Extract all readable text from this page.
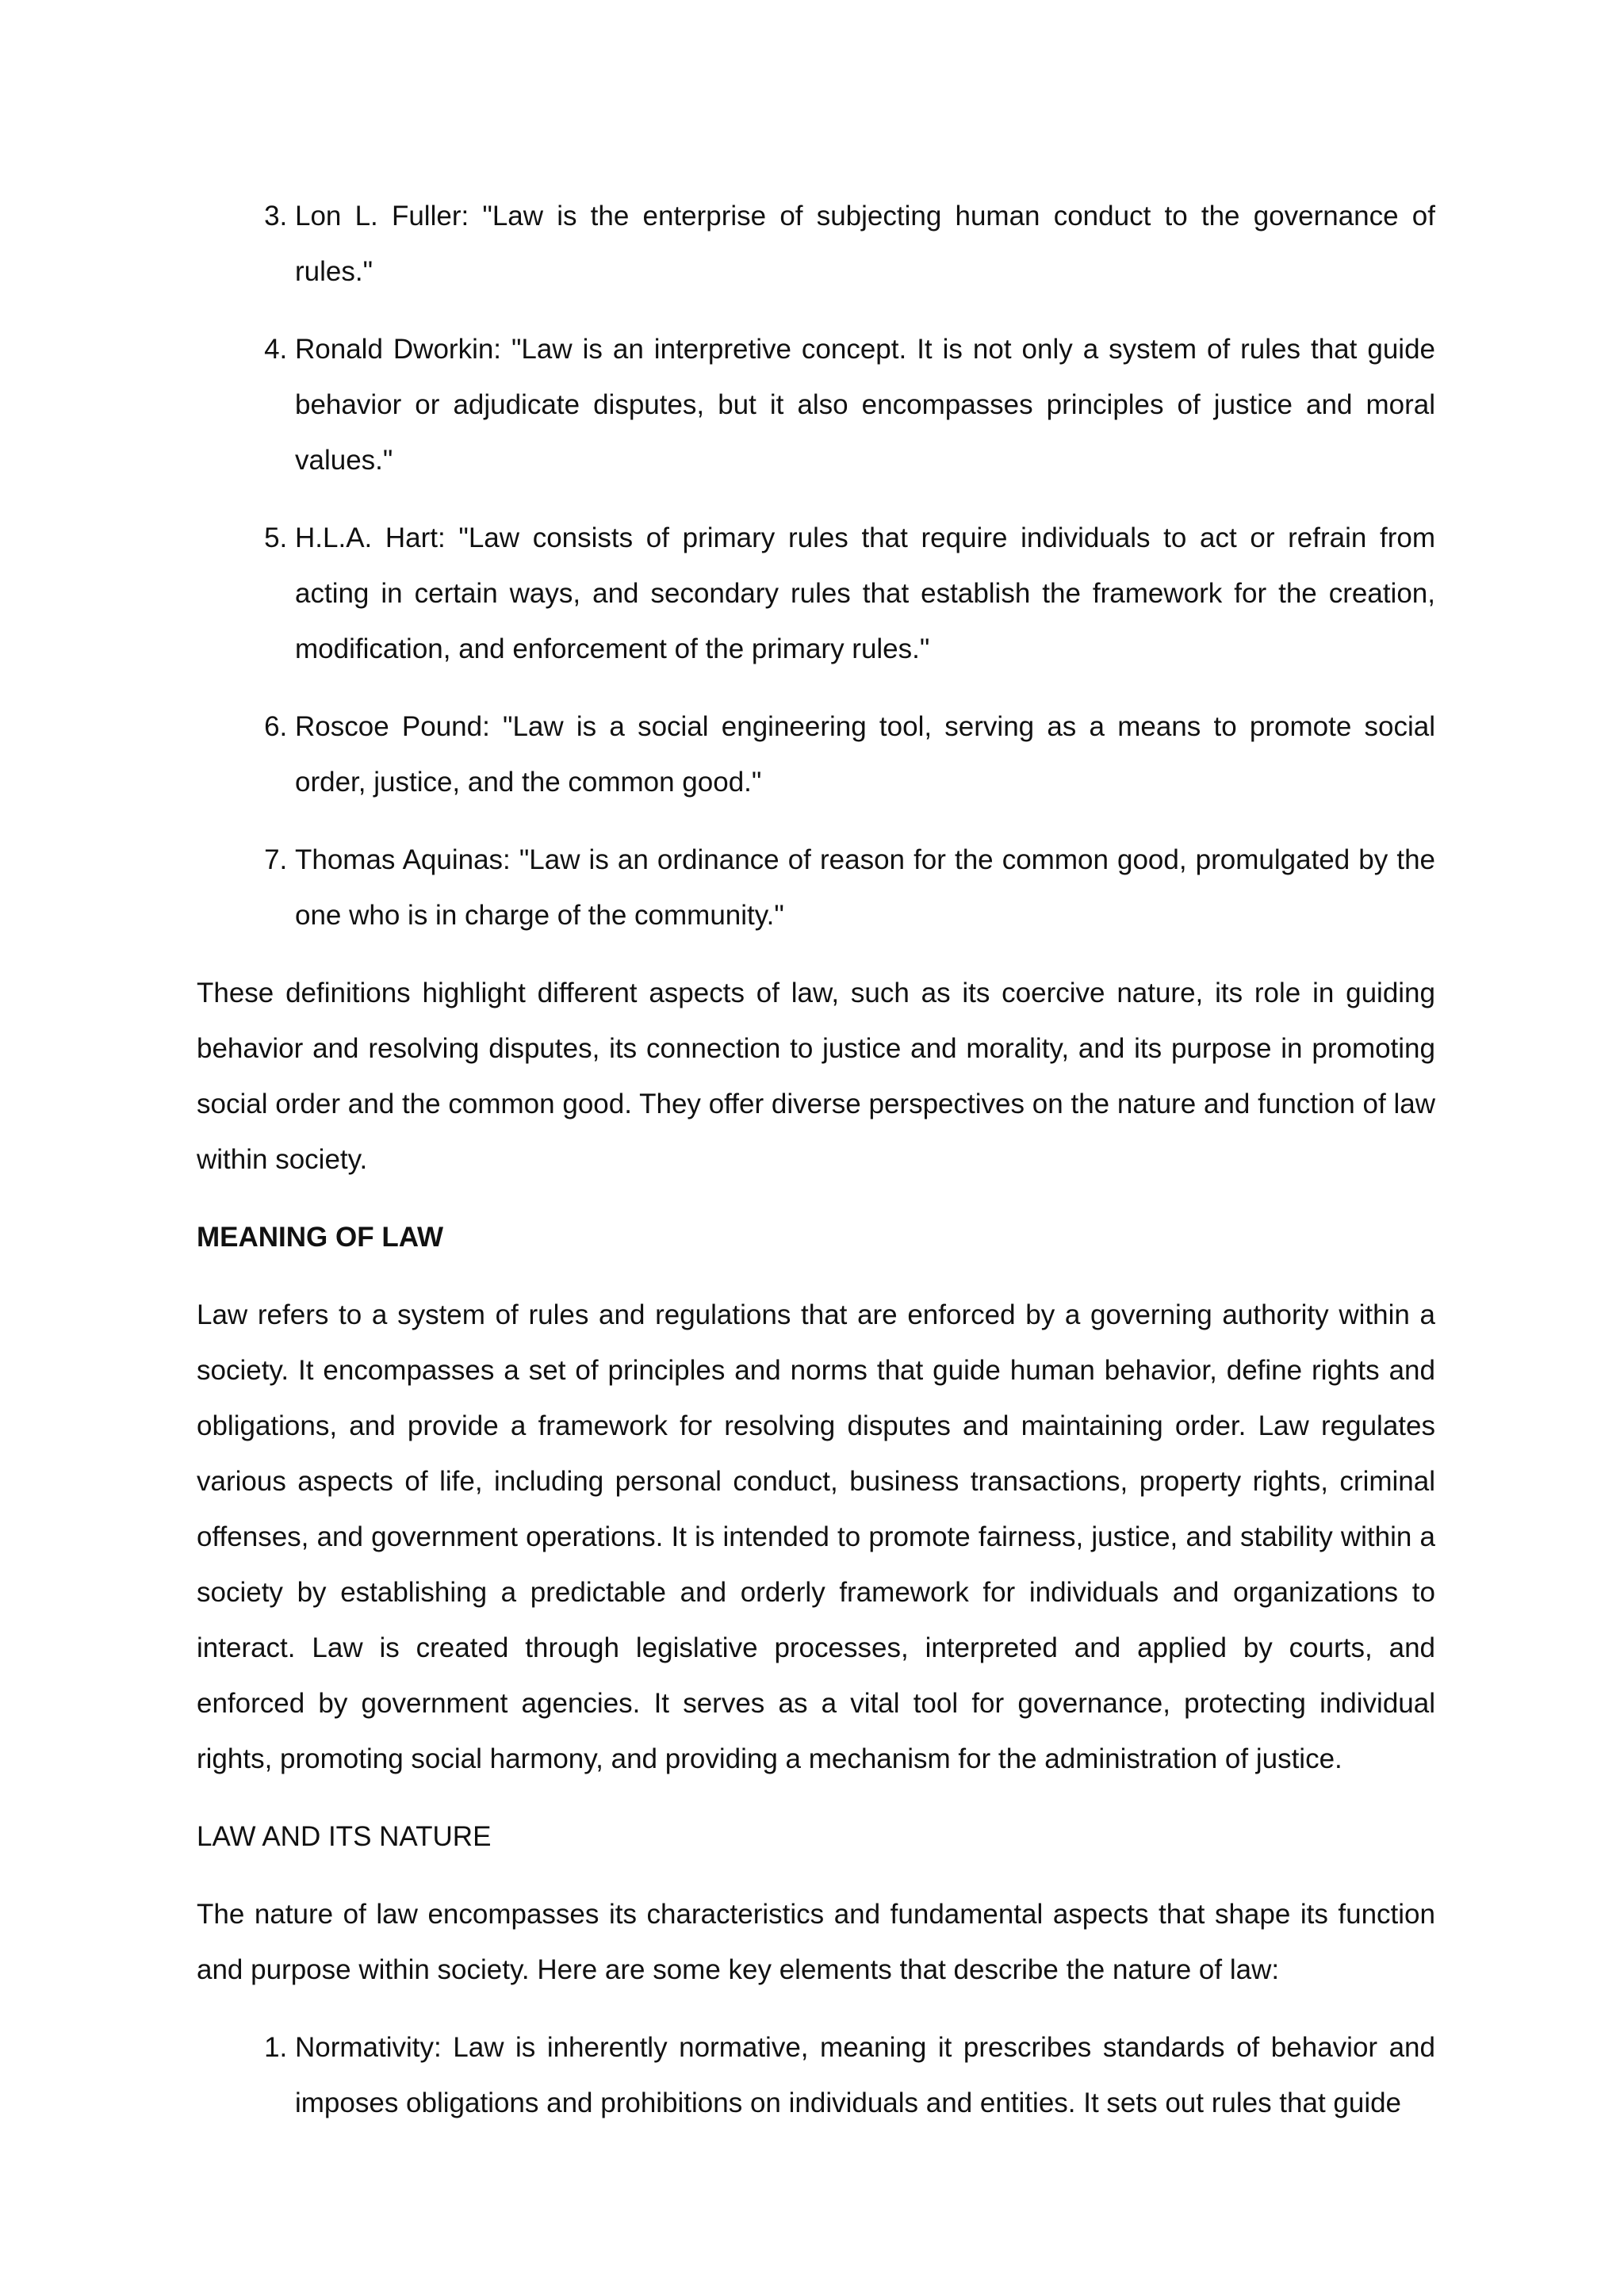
3. Lon L. Fuller: "Law is the enterprise of subjecting human conduct to the governance of rules."
4. Ronald Dworkin: "Law is an interpretive concept. It is not only a system of rules that guide behavior or adjudicate disputes, but it also encompasses principles of justice and moral values."
5. H.L.A. Hart: "Law consists of primary rules that require individuals to act or refrain from acting in certain ways, and secondary rules that establish the framework for the creation, modification, and enforcement of the primary rules."
6. Roscoe Pound: "Law is a social engineering tool, serving as a means to promote social order, justice, and the common good."
7. Thomas Aquinas: "Law is an ordinance of reason for the common good, promulgated by the one who is in charge of the community."

These definitions highlight different aspects of law, such as its coercive nature, its role in guiding behavior and resolving disputes, its connection to justice and morality, and its purpose in promoting social order and the common good. They offer diverse perspectives on the nature and function of law within society.

MEANING OF LAW

Law refers to a system of rules and regulations that are enforced by a governing authority within a society. It encompasses a set of principles and norms that guide human behavior, define rights and obligations, and provide a framework for resolving disputes and maintaining order. Law regulates various aspects of life, including personal conduct, business transactions, property rights, criminal offenses, and government operations. It is intended to promote fairness, justice, and stability within a society by establishing a predictable and orderly framework for individuals and organizations to interact. Law is created through legislative processes, interpreted and applied by courts, and enforced by government agencies. It serves as a vital tool for governance, protecting individual rights, promoting social harmony, and providing a mechanism for the administration of justice.

LAW AND ITS NATURE

The nature of law encompasses its characteristics and fundamental aspects that shape its function and purpose within society. Here are some key elements that describe the nature of law:

1. Normativity: Law is inherently normative, meaning it prescribes standards of behavior and imposes obligations and prohibitions on individuals and entities. It sets out rules that guide
